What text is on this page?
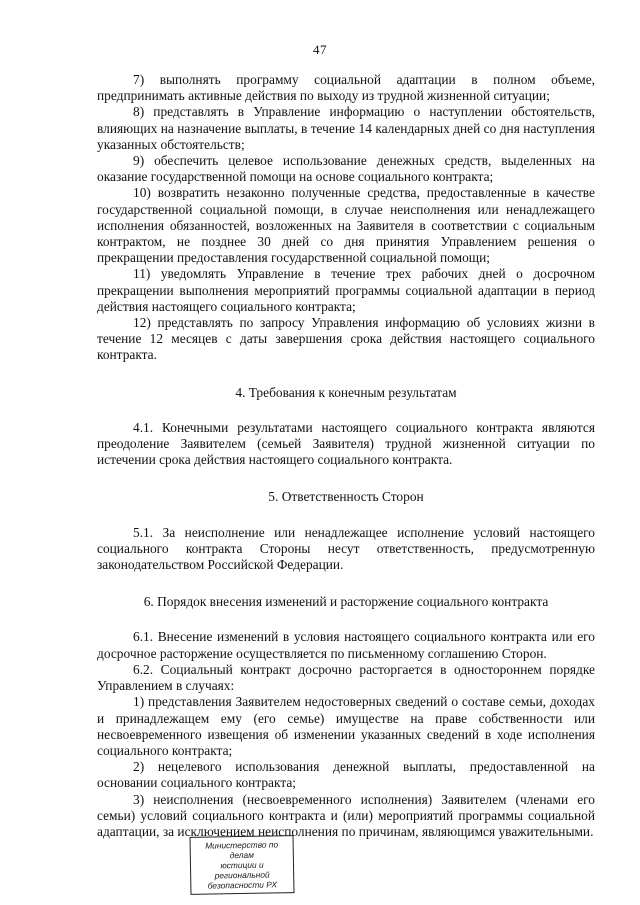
47

7) выполнять программу социальной адаптации в полном объеме, предпринимать активные действия по выходу из трудной жизненной ситуации;

8) представлять в Управление информацию о наступлении обстоятельств, влияющих на назначение выплаты, в течение 14 календарных дней со дня наступления указанных обстоятельств;

9) обеспечить целевое использование денежных средств, выделенных на оказание государственной помощи на основе социального контракта;

10) возвратить незаконно полученные средства, предоставленные в качестве государственной социальной помощи, в случае неисполнения или ненадлежащего исполнения обязанностей, возложенных на Заявителя в соответствии с социальным контрактом, не позднее 30 дней со дня принятия Управлением решения о прекращении предоставления государственной социальной помощи;

11) уведомлять Управление в течение трех рабочих дней о досрочном прекращении выполнения мероприятий программы социальной адаптации в период действия настоящего социального контракта;

12) представлять по запросу Управления информацию об условиях жизни в течение 12 месяцев с даты завершения срока действия настоящего социального контракта.

4. Требования к конечным результатам

4.1. Конечными результатами настоящего социального контракта являются преодоление Заявителем (семьей Заявителя) трудной жизненной ситуации по истечении срока действия настоящего социального контракта.

5. Ответственность Сторон

5.1. За неисполнение или ненадлежащее исполнение условий настоящего социального контракта Стороны несут ответственность, предусмотренную законодательством Российской Федерации.

6. Порядок внесения изменений и расторжение социального контракта

6.1. Внесение изменений в условия настоящего социального контракта или его досрочное расторжение осуществляется по письменному соглашению Сторон.

6.2. Социальный контракт досрочно расторгается в одностороннем порядке Управлением в случаях:

1) представления Заявителем недостоверных сведений о составе семьи, доходах и принадлежащем ему (его семье) имуществе на праве собственности или несвоевременного извещения об изменении указанных сведений в ходе исполнения социального контракта;

2) нецелевого использования денежной выплаты, предоставленной на основании социального контракта;

3) неисполнения (несвоевременного исполнения) Заявителем (членами его семьи) условий социального контракта и (или) мероприятий программы социальной адаптации, за исключением неисполнения по причинам, являющимся уважительными.

Министерство по делам
юстиции и региональной
безопасности РХ
